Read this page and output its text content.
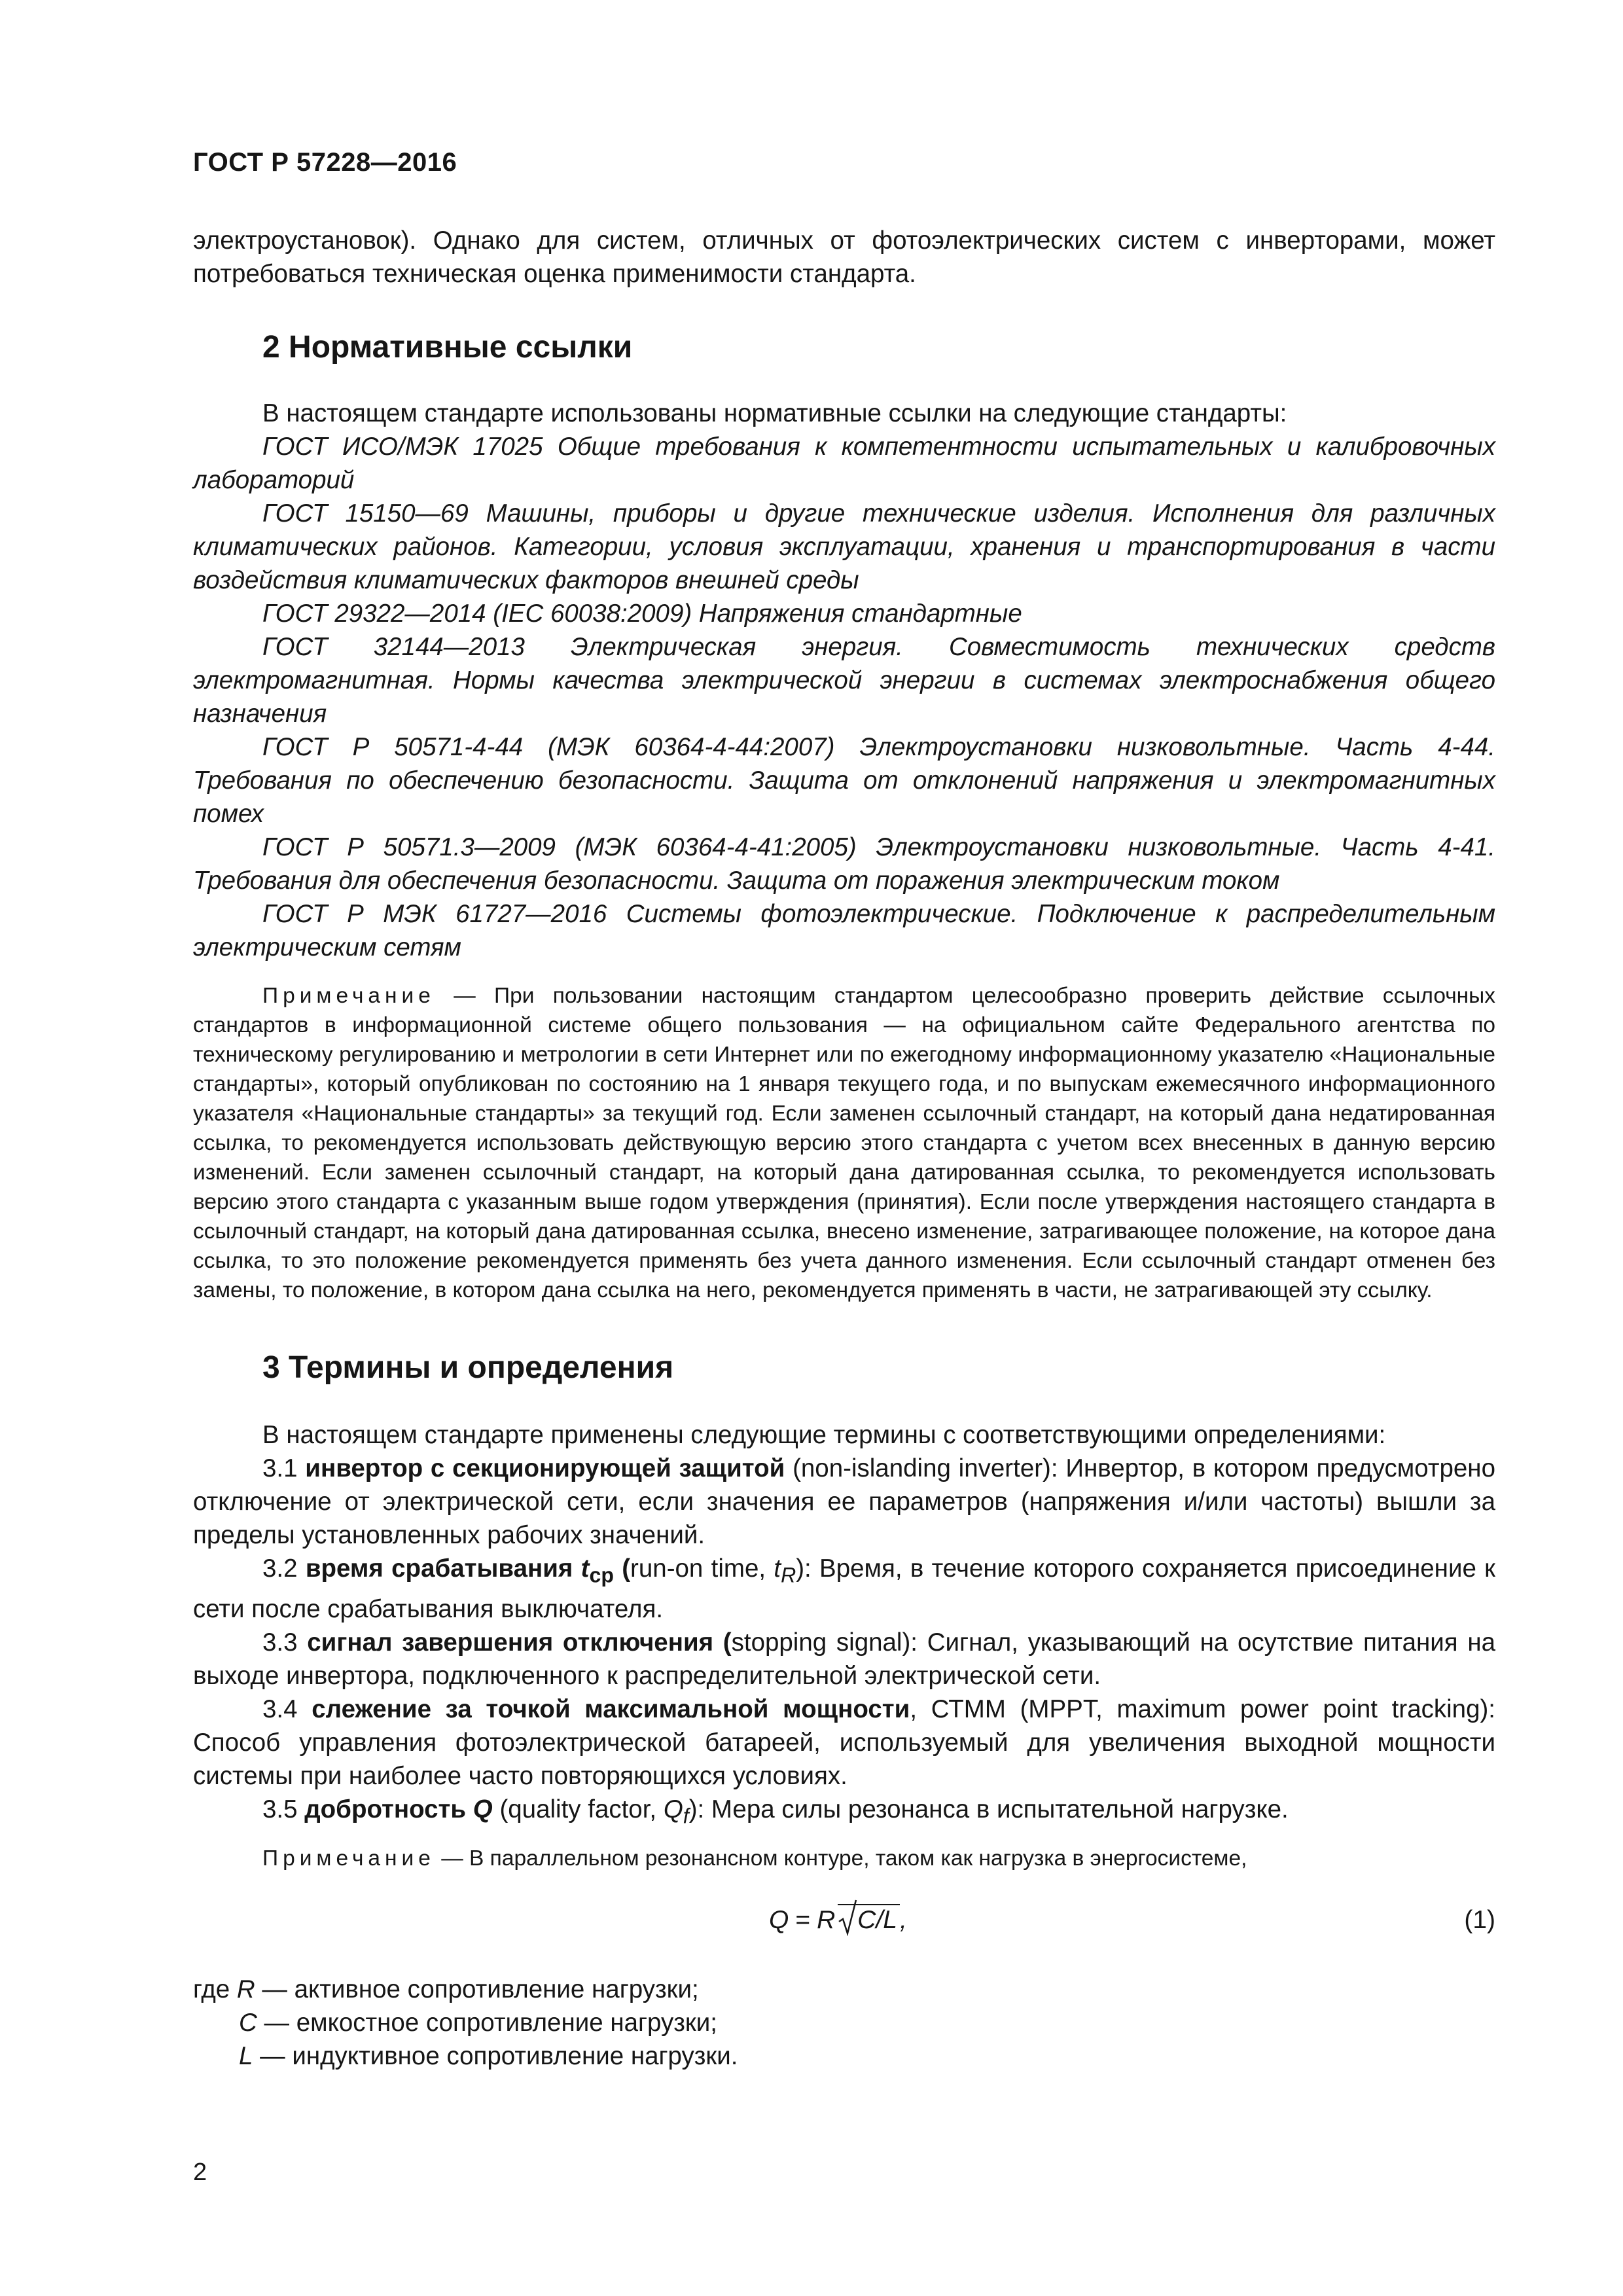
ГОСТ Р 57228—2016

электроустановок). Однако для систем, отличных от фотоэлектрических систем с инверторами, может потребоваться техническая оценка применимости стандарта.

2 Нормативные ссылки

В настоящем стандарте использованы нормативные ссылки на следующие стандарты:

ГОСТ ИСО/МЭК 17025 Общие требования к компетентности испытательных и калибровочных лабораторий

ГОСТ 15150—69 Машины, приборы и другие технические изделия. Исполнения для различных климатических районов. Категории, условия эксплуатации, хранения и транспортирования в части воздействия климатических факторов внешней среды

ГОСТ 29322—2014 (IEC 60038:2009) Напряжения стандартные

ГОСТ 32144—2013 Электрическая энергия. Совместимость технических средств электромагнитная. Нормы качества электрической энергии в системах электроснабжения общего назначения

ГОСТ Р 50571-4-44 (МЭК 60364-4-44:2007) Электроустановки низковольтные. Часть 4-44. Требования по обеспечению безопасности. Защита от отклонений напряжения и электромагнитных помех

ГОСТ Р 50571.3—2009 (МЭК 60364-4-41:2005) Электроустановки низковольтные. Часть 4-41. Требования для обеспечения безопасности. Защита от поражения электрическим током

ГОСТ Р МЭК 61727—2016 Системы фотоэлектрические. Подключение к распределительным электрическим сетям

Примечание — При пользовании настоящим стандартом целесообразно проверить действие ссылочных стандартов в информационной системе общего пользования — на официальном сайте Федерального агентства по техническому регулированию и метрологии в сети Интернет или по ежегодному информационному указателю «Национальные стандарты», который опубликован по состоянию на 1 января текущего года, и по выпускам ежемесячного информационного указателя «Национальные стандарты» за текущий год. Если заменен ссылочный стандарт, на который дана недатированная ссылка, то рекомендуется использовать действующую версию этого стандарта с учетом всех внесенных в данную версию изменений. Если заменен ссылочный стандарт, на который дана датированная ссылка, то рекомендуется использовать версию этого стандарта с указанным выше годом утверждения (принятия). Если после утверждения настоящего стандарта в ссылочный стандарт, на который дана датированная ссылка, внесено изменение, затрагивающее положение, на которое дана ссылка, то это положение рекомендуется применять без учета данного изменения. Если ссылочный стандарт отменен без замены, то положение, в котором дана ссылка на него, рекомендуется применять в части, не затрагивающей эту ссылку.

3 Термины и определения

В настоящем стандарте применены следующие термины с соответствующими определениями:

3.1 инвертор с секционирующей защитой (non-islanding inverter): Инвертор, в котором предусмотрено отключение от электрической сети, если значения ее параметров (напряжения и/или частоты) вышли за пределы установленных рабочих значений.

3.2 время срабатывания $t_{ср}$ (run-on time, $t_R$): Время, в течение которого сохраняется присоединение к сети после срабатывания выключателя.

3.3 сигнал завершения отключения (stopping signal): Сигнал, указывающий на осутствие питания на выходе инвертора, подключенного к распределительной электрической сети.

3.4 слежение за точкой максимальной мощности, СТММ (MPPT, maximum power point tracking): Способ управления фотоэлектрической батареей, используемый для увеличения выходной мощности системы при наиболее часто повторяющихся условиях.

3.5 добротность Q (quality factor, $Q_f$): Мера силы резонанса в испытательной нагрузке.

Примечание — В параллельном резонансном контуре, таком как нагрузка в энергосистеме,

Q = R C/L ,	(1)

где R — активное сопротивление нагрузки;

C — емкостное сопротивление нагрузки;

L — индуктивное сопротивление нагрузки.

2
